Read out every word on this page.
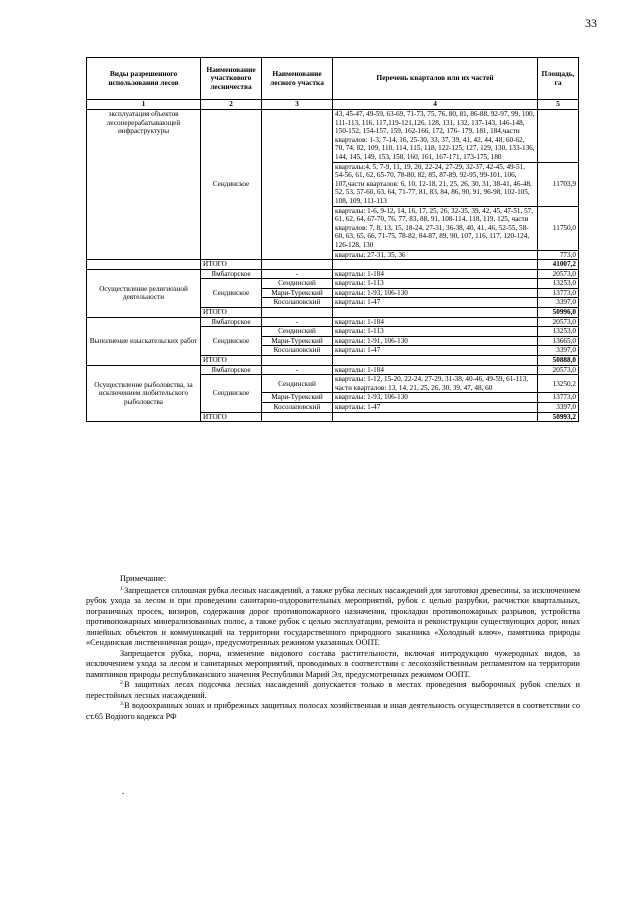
33
Виды разрешенного использования лесов	Наименование участкового лесничества	Наименование лесного участка	Перечень кварталов или их частей	Площадь, га
1	2	3	4	5
эксплуатация объектов лесоперерабатывающей инфраструктуры	Сендинское		43, 45-47, 49-59, 63-69, 71-73, 75, 76, 80, 81, 86-88, 92-97, 99, 100, 111-113, 116, 117,119-121,126, 128, 131, 132, 137-143, 146-148, 150-152, 154-157, 159, 162-166, 172, 176- 179, 181, 184,части кварталов: 1-3, 7-14, 16, 25-30, 33, 37, 39, 41, 42, 44, 48, 60-62, 70, 74, 82, 109, 110, 114, 115, 118, 122-125, 127, 129, 130, 133-136, 144, 145, 149, 153, 158, 160, 161, 167-171, 173-175, 180	
			кварталы:4, 5, 7-9, 11, 19, 20, 22-24, 27-29, 32-37, 42-45, 49-51, 54-56, 61, 62, 65-70, 78-80, 82, 85, 87-89, 92-95, 99-101, 106, 107,части кварталов: 6, 10, 12-18, 21, 25, 26, 30, 31, 38-41, 46-48, 52, 53, 57-60, 63, 64, 71-77, 81, 83, 84, 86, 90, 91, 96-98, 102-105, 108, 109, 111-113	11703,9
			кварталы: 1-6, 9-12, 14, 16, 17, 25, 26, 32-35, 39, 42, 45, 47-51, 57, 61, 62, 64, 67-70, 76, 77, 83, 88, 91, 108-114, 118, 119, 125, части кварталов: 7, 8, 13, 15, 18-24, 27-31, 36-38, 40, 41, 46, 52-55, 58-60, 63, 65, 66, 71-75, 78-82, 84-87, 89, 90, 107, 116, 117, 120-124, 126-128, 130	11750,0
			кварталы: 27-31, 35, 36	773,0
	ИТОГО			41007,2
Осуществление религиозной деятельности	Ямбаторское	-	кварталы: 1-184	20573,0
	Сендинское	Сендинский	кварталы: 1-113	13253,0
		Мари-Турекский	кварталы: 1-93, 106-130	13773,0
		Косолаповский	кварталы: 1-47	3397,0
	ИТОГО			50996,0
Выполнение изыскательских работ	Ямбаторское	-	кварталы: 1-184	20573,0
	Сендинское	Сендинский	кварталы: 1-113	13253,0
		Мари-Турекский	кварталы: 1-91, 106-130	13665,0
		Косолаповский	кварталы: 1-47	3397,0
	ИТОГО			50888,0
Осуществление рыболовства, за исключением любительского рыболовства	Ямбаторское	-	кварталы: 1-184	20573,0
	Сендинское	Сендинский	кварталы: 1-12, 15-20, 22-24, 27-29, 31-38, 40-46, 49-59, 61-113, части кварталов: 13, 14, 21, 25, 26, 30, 39, 47, 48, 60	13250,2
		Мари-Турекский	кварталы: 1-93, 106-130	13773,0
		Косолаповский	кварталы: 1-47	3397,0
	ИТОГО			50993,2

Примечание:

$^{1.}$Запрещается сплошная рубка лесных насаждений, а также рубка лесных насаждений для заготовки древесины, за исключением рубок ухода за лесом и при проведении санитарно-оздоровительных мероприятий, рубок с целью разрубки, расчистки квартальных, пограничных просек, визиров, содержания дорог противопожарного назначения, прокладки противопожарных разрывов, устройства противопожарных минерализованных полос, а также рубок с целью эксплуатации, ремонта и реконструкции существующих дорог, иных линейных объектов и коммуникаций на территории государственного природного заказника «Холодный ключ», памятника природы «Сендинская лиственничная роща», предусмотренных режимом указанных ООПТ.

Запрещается рубка, порча, изменение видового состава растительности, включая интродукцию чужеродных видов, за исключением ухода за лесом и санитарных мероприятий, проводимых в соответствии с лесохозяйственным регламентом на территории памятников природы республиканского значения Республики Марий Эл, предусмотренных режимом ООПТ.

$^{2.}$В защитных лесах подсочка лесных насаждений допускается только в местах проведения выборочных рубок спелых и перестойных лесных насаждений.

$^{3.}$В водоохранных зонах и прибрежных защитных полосах хозяйственная и иная деятельность осуществляется в соответствии со ст.65 Водного кодекса РФ

.
